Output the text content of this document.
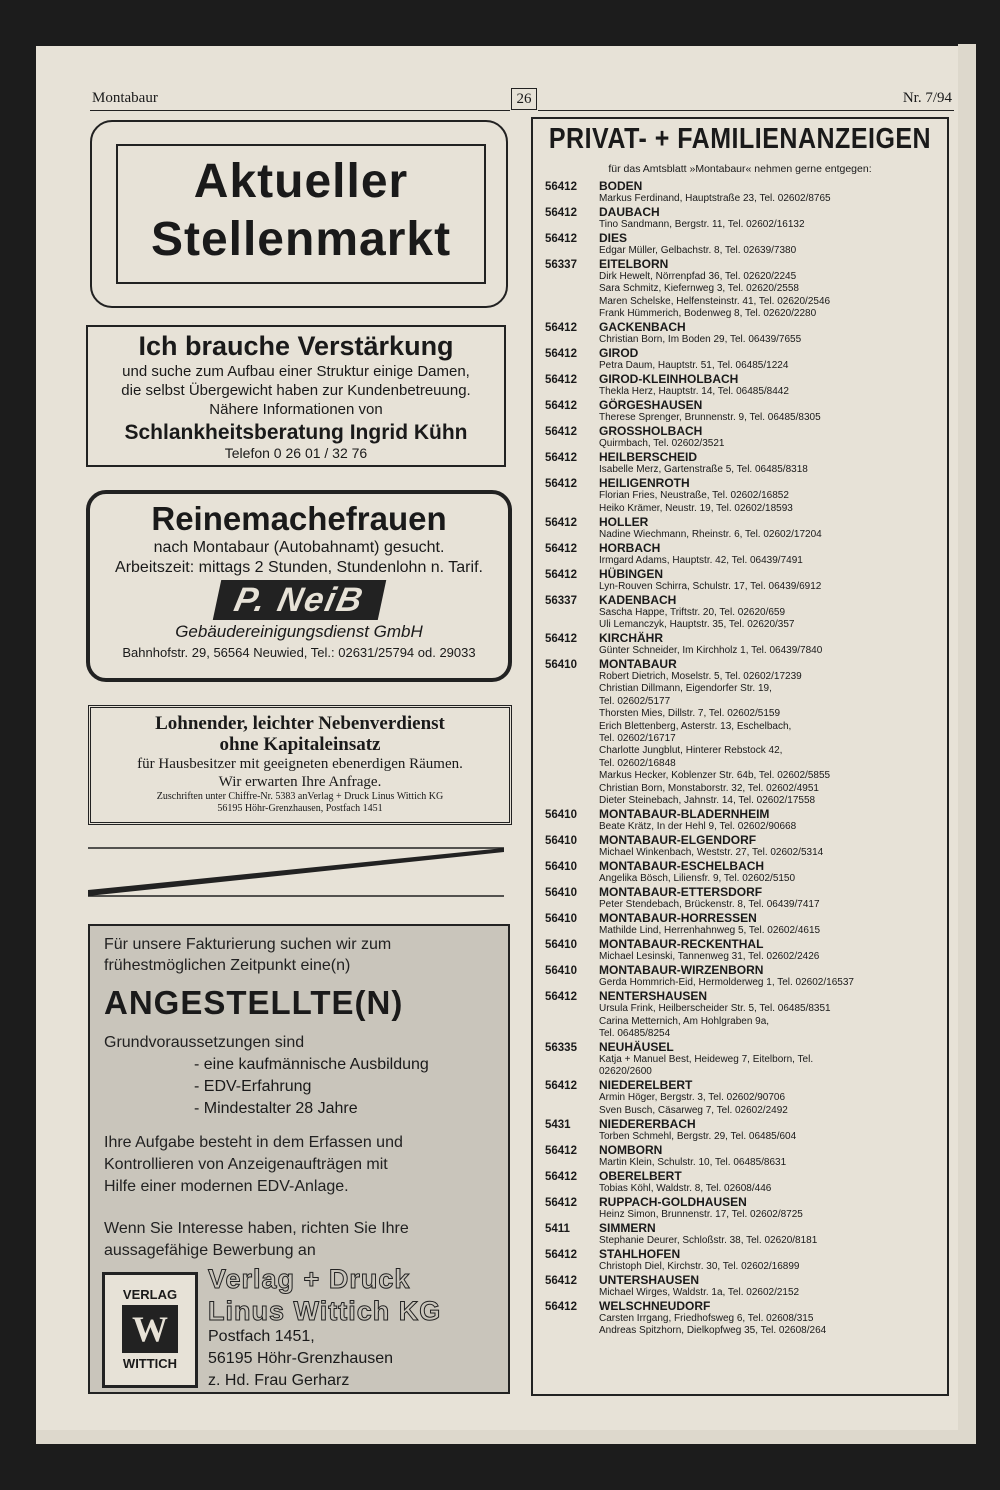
Montabaur	26	Nr. 7/94
Aktueller
Stellenmarkt
Ich brauche Verstärkung
und suche zum Aufbau einer Struktur einige Damen,
die selbst Übergewicht haben zur Kundenbetreuung.
Nähere Informationen von
Schlankheitsberatung Ingrid Kühn
Telefon 0 26 01 / 32 76
Reinemachefrauen
nach Montabaur (Autobahnamt) gesucht.
Arbeitszeit: mittags 2 Stunden, Stundenlohn n. Tarif.
P. NeiB
Gebäudereinigungsdienst GmbH
Bahnhofstr. 29, 56564 Neuwied, Tel.: 02631/25794 od. 29033
Lohnender, leichter Nebenverdienst
ohne Kapitaleinsatz
für Hausbesitzer mit geeigneten ebenerdigen Räumen.
Wir erwarten Ihre Anfrage.
Zuschriften unter Chiffre-Nr. 5383 anVerlag + Druck Linus Wittich KG
56195 Höhr-Grenzhausen, Postfach 1451
Für unsere Fakturierung suchen wir zum
frühestmöglichen Zeitpunkt eine(n)
ANGESTELLTE(N)
Grundvoraussetzungen sind
- eine kaufmännische Ausbildung
- EDV-Erfahrung
- Mindestalter 28 Jahre
Ihre Aufgabe besteht in dem Erfassen und
Kontrollieren von Anzeigenaufträgen mit
Hilfe einer modernen EDV-Anlage.
Wenn Sie Interesse haben, richten Sie Ihre
aussagefähige Bewerbung an
VERLAG
W
WITTICH
Verlag + Druck
Linus Wittich KG
Postfach 1451,
56195 Höhr-Grenzhausen
z. Hd. Frau Gerharz
PRIVAT- + FAMILIENANZEIGEN
für das Amtsblatt »Montabaur« nehmen gerne entgegen:
56412 BODEN
Markus Ferdinand, Hauptstraße 23, Tel. 02602/8765
56412 DAUBACH
Tino Sandmann, Bergstr. 11, Tel. 02602/16132
56412 DIES
Edgar Müller, Gelbachstr. 8, Tel. 02639/7380
56337 EITELBORN
Dirk Hewelt, Nörrenpfad 36, Tel. 02620/2245
Sara Schmitz, Kiefernweg 3, Tel. 02620/2558
Maren Schelske, Helfensteinstr. 41, Tel. 02620/2546
Frank Hümmerich, Bodenweg 8, Tel. 02620/2280
56412 GACKENBACH
Christian Born, Im Boden 29, Tel. 06439/7655
56412 GIROD
Petra Daum, Hauptstr. 51, Tel. 06485/1224
56412 GIROD-KLEINHOLBACH
Thekla Herz, Hauptstr. 14, Tel. 06485/8442
56412 GÖRGESHAUSEN
Therese Sprenger, Brunnenstr. 9, Tel. 06485/8305
56412 GROSSHOLBACH
Quirmbach, Tel. 02602/3521
56412 HEILBERSCHEID
Isabelle Merz, Gartenstraße 5, Tel. 06485/8318
56412 HEILIGENROTH
Florian Fries, Neustraße, Tel. 02602/16852
Heiko Krämer, Neustr. 19, Tel. 02602/18593
56412 HOLLER
Nadine Wiechmann, Rheinstr. 6, Tel. 02602/17204
56412 HORBACH
Irmgard Adams, Hauptstr. 42, Tel. 06439/7491
56412 HÜBINGEN
Lyn-Rouven Schirra, Schulstr. 17, Tel. 06439/6912
56337 KADENBACH
Sascha Happe, Triftstr. 20, Tel. 02620/659
Uli Lemanczyk, Hauptstr. 35, Tel. 02620/357
56412 KIRCHÄHR
Günter Schneider, Im Kirchholz 1, Tel. 06439/7840
56410 MONTABAUR
Robert Dietrich, Moselstr. 5, Tel. 02602/17239
Christian Dillmann, Eigendorfer Str. 19,
Tel. 02602/5177
Thorsten Mies, Dillstr. 7, Tel. 02602/5159
Erich Blettenberg, Asterstr. 13, Eschelbach,
Tel. 02602/16717
Charlotte Jungblut, Hinterer Rebstock 42,
Tel. 02602/16848
Markus Hecker, Koblenzer Str. 64b, Tel. 02602/5855
Christian Born, Monstaborstr. 32, Tel. 02602/4951
Dieter Steinebach, Jahnstr. 14, Tel. 02602/17558
56410 MONTABAUR-BLADERNHEIM
Beate Krätz, In der Hehl 9, Tel. 02602/90668
56410 MONTABAUR-ELGENDORF
Michael Winkenbach, Weststr. 27, Tel. 02602/5314
56410 MONTABAUR-ESCHELBACH
Angelika Bösch, Liliensfr. 9, Tel. 02602/5150
56410 MONTABAUR-ETTERSDORF
Peter Stendebach, Brückenstr. 8, Tel. 06439/7417
56410 MONTABAUR-HORRESSEN
Mathilde Lind, Herrenhahnweg 5, Tel. 02602/4615
56410 MONTABAUR-RECKENTHAL
Michael Lesinski, Tannenweg 31, Tel. 02602/2426
56410 MONTABAUR-WIRZENBORN
Gerda Hommrich-Eid, Hermolderweg 1, Tel. 02602/16537
56412 NENTERSHAUSEN
Ursula Frink, Heilberscheider Str. 5, Tel. 06485/8351
Carina Metternich, Am Hohlgraben 9a,
Tel. 06485/8254
56335 NEUHÄUSEL
Katja + Manuel Best, Heideweg 7, Eitelborn, Tel.
02620/2600
56412 NIEDERELBERT
Armin Höger, Bergstr. 3, Tel. 02602/90706
Sven Busch, Cäsarweg 7, Tel. 02602/2492
5431 NIEDERERBACH
Torben Schmehl, Bergstr. 29, Tel. 06485/604
56412 NOMBORN
Martin Klein, Schulstr. 10, Tel. 06485/8631
56412 OBERELBERT
Tobias Köhl, Waldstr. 8, Tel. 02608/446
56412 RUPPACH-GOLDHAUSEN
Heinz Simon, Brunnenstr. 17, Tel. 02602/8725
5411 SIMMERN
Stephanie Deurer, Schloßstr. 38, Tel. 02620/8181
56412 STAHLHOFEN
Christoph Diel, Kirchstr. 30, Tel. 02602/16899
56412 UNTERSHAUSEN
Michael Wirges, Waldstr. 1a, Tel. 02602/2152
56412 WELSCHNEUDORF
Carsten Irrgang, Friedhofsweg 6, Tel. 02608/315
Andreas Spitzhorn, Dielkopfweg 35, Tel. 02608/264
